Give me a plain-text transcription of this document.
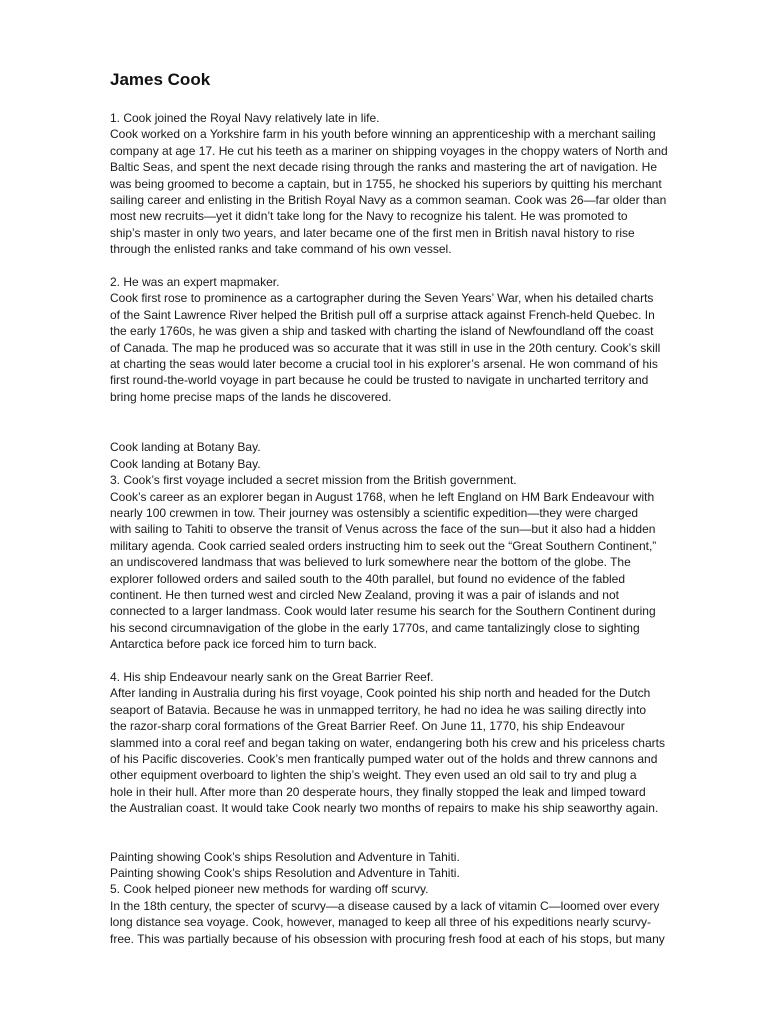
James Cook
1. Cook joined the Royal Navy relatively late in life.
Cook worked on a Yorkshire farm in his youth before winning an apprenticeship with a merchant sailing
company at age 17. He cut his teeth as a mariner on shipping voyages in the choppy waters of North and
Baltic Seas, and spent the next decade rising through the ranks and mastering the art of navigation. He
was being groomed to become a captain, but in 1755, he shocked his superiors by quitting his merchant
sailing career and enlisting in the British Royal Navy as a common seaman. Cook was 26—far older than
most new recruits—yet it didn’t take long for the Navy to recognize his talent. He was promoted to
ship’s master in only two years, and later became one of the first men in British naval history to rise
through the enlisted ranks and take command of his own vessel.
2. He was an expert mapmaker.
Cook first rose to prominence as a cartographer during the Seven Years’ War, when his detailed charts
of the Saint Lawrence River helped the British pull off a surprise attack against French-held Quebec. In
the early 1760s, he was given a ship and tasked with charting the island of Newfoundland off the coast
of Canada. The map he produced was so accurate that it was still in use in the 20th century. Cook’s skill
at charting the seas would later become a crucial tool in his explorer’s arsenal. He won command of his
first round-the-world voyage in part because he could be trusted to navigate in uncharted territory and
bring home precise maps of the lands he discovered.
Cook landing at Botany Bay.
Cook landing at Botany Bay.
3. Cook’s first voyage included a secret mission from the British government.
Cook’s career as an explorer began in August 1768, when he left England on HM Bark Endeavour with
nearly 100 crewmen in tow. Their journey was ostensibly a scientific expedition—they were charged
with sailing to Tahiti to observe the transit of Venus across the face of the sun—but it also had a hidden
military agenda. Cook carried sealed orders instructing him to seek out the “Great Southern Continent,”
an undiscovered landmass that was believed to lurk somewhere near the bottom of the globe. The
explorer followed orders and sailed south to the 40th parallel, but found no evidence of the fabled
continent. He then turned west and circled New Zealand, proving it was a pair of islands and not
connected to a larger landmass. Cook would later resume his search for the Southern Continent during
his second circumnavigation of the globe in the early 1770s, and came tantalizingly close to sighting
Antarctica before pack ice forced him to turn back.
4. His ship Endeavour nearly sank on the Great Barrier Reef.
After landing in Australia during his first voyage, Cook pointed his ship north and headed for the Dutch
seaport of Batavia. Because he was in unmapped territory, he had no idea he was sailing directly into
the razor-sharp coral formations of the Great Barrier Reef. On June 11, 1770, his ship Endeavour
slammed into a coral reef and began taking on water, endangering both his crew and his priceless charts
of his Pacific discoveries. Cook’s men frantically pumped water out of the holds and threw cannons and
other equipment overboard to lighten the ship’s weight. They even used an old sail to try and plug a
hole in their hull. After more than 20 desperate hours, they finally stopped the leak and limped toward
the Australian coast. It would take Cook nearly two months of repairs to make his ship seaworthy again.
Painting showing Cook’s ships Resolution and Adventure in Tahiti.
Painting showing Cook’s ships Resolution and Adventure in Tahiti.
5. Cook helped pioneer new methods for warding off scurvy.
In the 18th century, the specter of scurvy—a disease caused by a lack of vitamin C—loomed over every
long distance sea voyage. Cook, however, managed to keep all three of his expeditions nearly scurvy-
free. This was partially because of his obsession with procuring fresh food at each of his stops, but many
